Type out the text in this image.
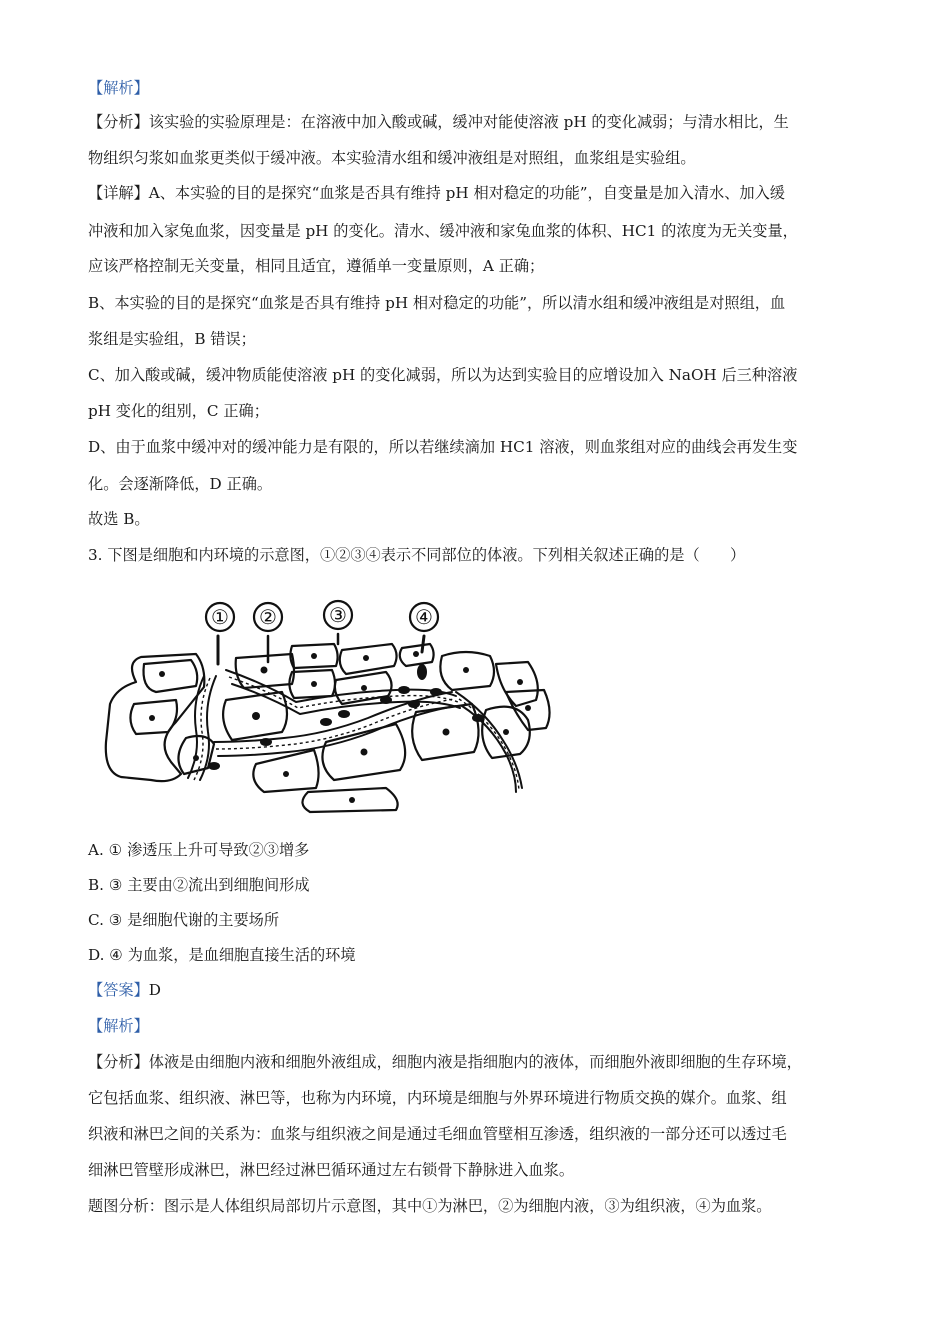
【解析】
【分析】该实验的实验原理是：在溶液中加入酸或碱，缓冲对能使溶液 pH 的变化减弱；与清水相比，生
物组织匀浆如血浆更类似于缓冲液。本实验清水组和缓冲液组是对照组，血浆组是实验组。
【详解】A、本实验的目的是探究“血浆是否具有维持 pH 相对稳定的功能”，自变量是加入清水、加入缓
冲液和加入家兔血浆，因变量是 pH 的变化。清水、缓冲液和家兔血浆的体积、HC1 的浓度为无关变量，
应该严格控制无关变量，相同且适宜，遵循单一变量原则，A 正确；
B、本实验的目的是探究“血浆是否具有维持 pH 相对稳定的功能”，所以清水组和缓冲液组是对照组，血
浆组是实验组，B 错误；
C、加入酸或碱，缓冲物质能使溶液 pH 的变化减弱，所以为达到实验目的应增设加入 NaOH 后三种溶液
pH 变化的组别，C 正确；
D、由于血浆中缓冲对的缓冲能力是有限的，所以若继续滴加 HC1 溶液，则血浆组对应的曲线会再发生变
化。会逐渐降低，D 正确。
故选 B。
3. 下图是细胞和内环境的示意图，①②③④表示不同部位的体液。下列相关叙述正确的是（　　）
① ②	③	④
A. ① 渗透压上升可导致②③增多
B. ③ 主要由②流出到细胞间形成
C. ③ 是细胞代谢的主要场所
D. ④ 为血浆，是血细胞直接生活的环境
【答案】D
【解析】
【分析】体液是由细胞内液和细胞外液组成，细胞内液是指细胞内的液体，而细胞外液即细胞的生存环境，
它包括血浆、组织液、淋巴等，也称为内环境，内环境是细胞与外界环境进行物质交换的媒介。血浆、组
织液和淋巴之间的关系为：血浆与组织液之间是通过毛细血管壁相互渗透，组织液的一部分还可以透过毛
细淋巴管壁形成淋巴，淋巴经过淋巴循环通过左右锁骨下静脉进入血浆。
题图分析：图示是人体组织局部切片示意图，其中①为淋巴，②为细胞内液，③为组织液，④为血浆。
